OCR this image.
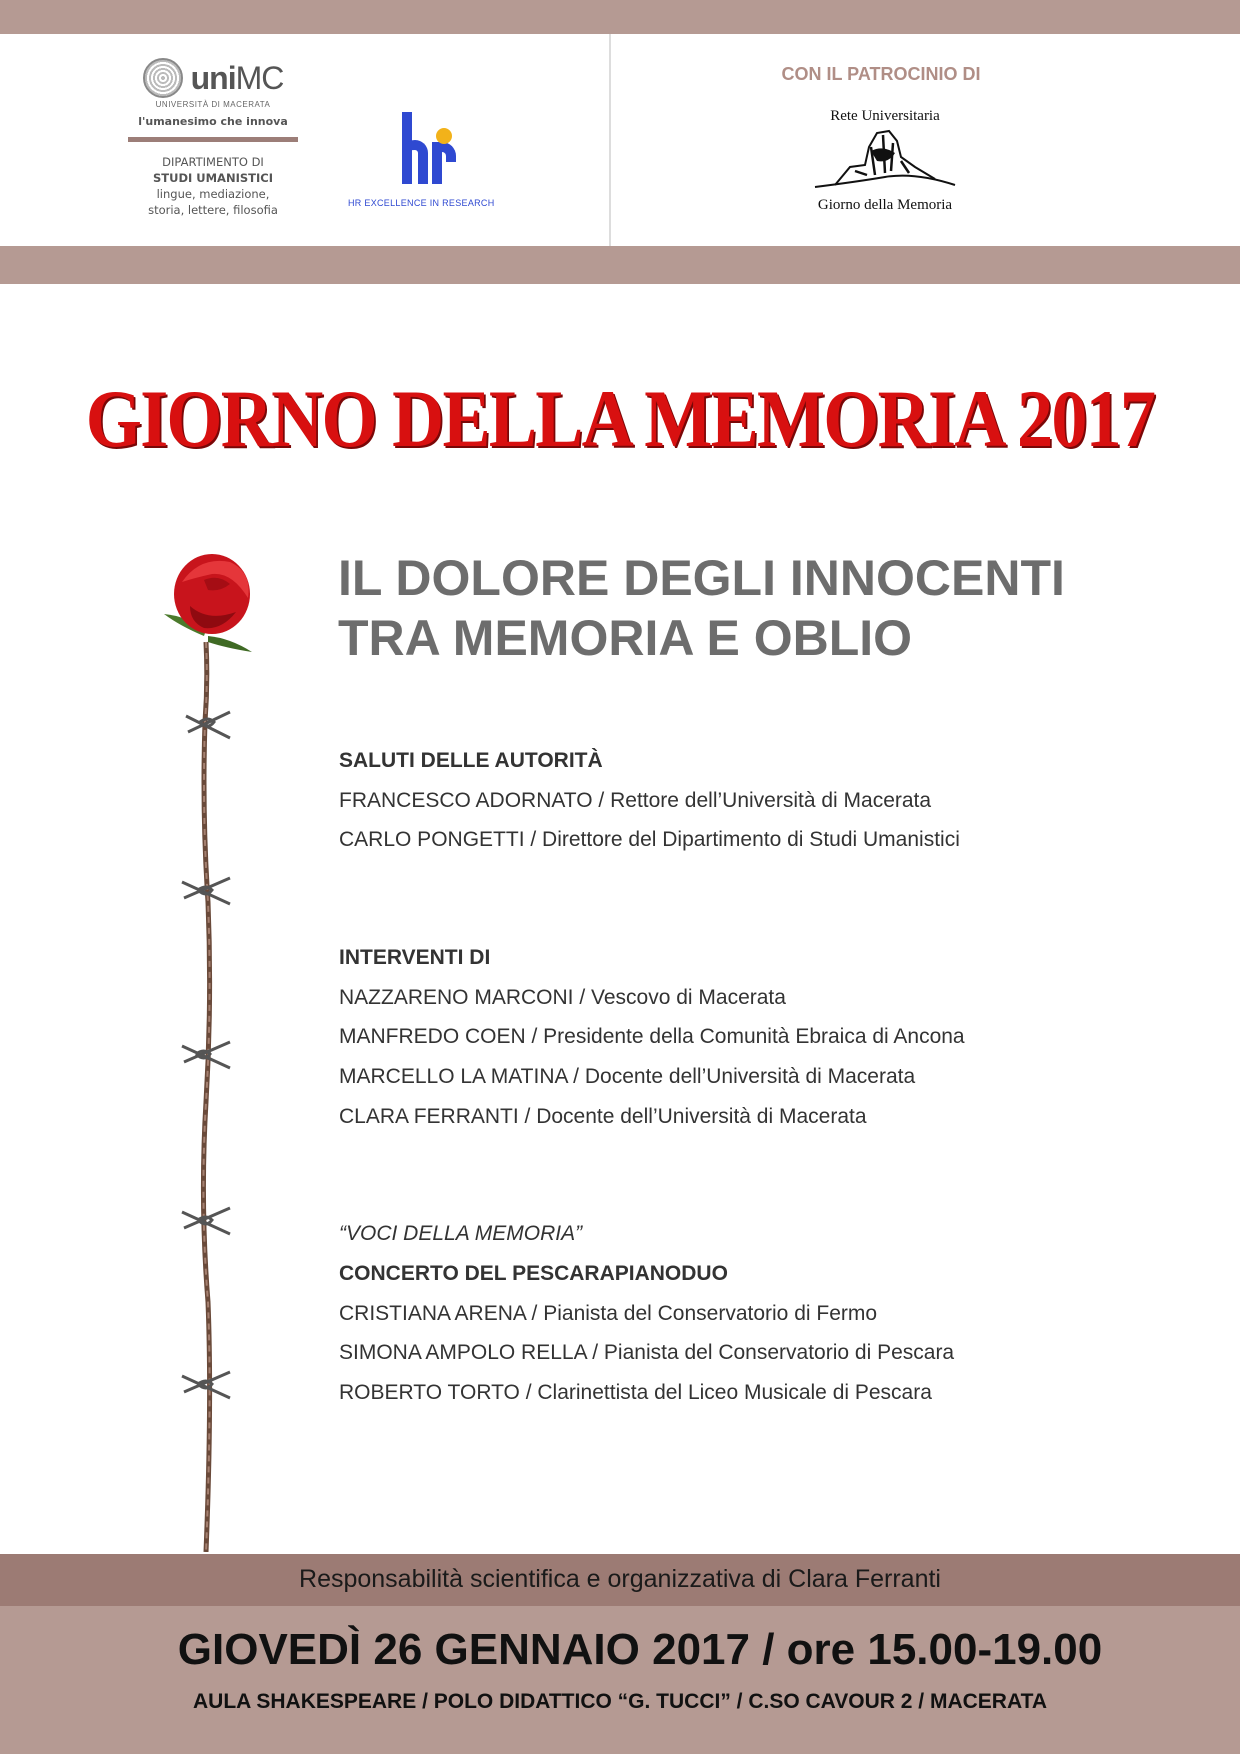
uniMC
UNIVERSITÀ DI MACERATA
l'umanesimo che innova
DIPARTIMENTO DI
STUDI UMANISTICI
lingue, mediazione,
storia, lettere, filosofia	HR EXCELLENCE IN RESEARCH
CON IL PATROCINIO DI
Rete Universitaria
Giorno della Memoria
GIORNO DELLA MEMORIA 2017
IL DOLORE DEGLI INNOCENTI
TRA MEMORIA E OBLIO
SALUTI DELLE AUTORITÀ
FRANCESCO ADORNATO / Rettore dell’Università di Macerata
CARLO PONGETTI / Direttore del Dipartimento di Studi Umanistici
INTERVENTI DI
NAZZARENO MARCONI / Vescovo di Macerata
MANFREDO COEN / Presidente della Comunità Ebraica di Ancona
MARCELLO LA MATINA / Docente dell’Università di Macerata
CLARA FERRANTI / Docente dell’Università di Macerata
“VOCI DELLA MEMORIA”
CONCERTO DEL PESCARAPIANODUO
CRISTIANA ARENA / Pianista del Conservatorio di Fermo
SIMONA AMPOLO RELLA / Pianista del Conservatorio di Pescara
ROBERTO TORTO / Clarinettista del Liceo Musicale di Pescara
Responsabilità scientifica e organizzativa di Clara Ferranti
GIOVEDÌ 26 GENNAIO 2017 / ore 15.00-19.00
AULA SHAKESPEARE / POLO DIDATTICO “G. TUCCI” / C.SO CAVOUR 2 / MACERATA
